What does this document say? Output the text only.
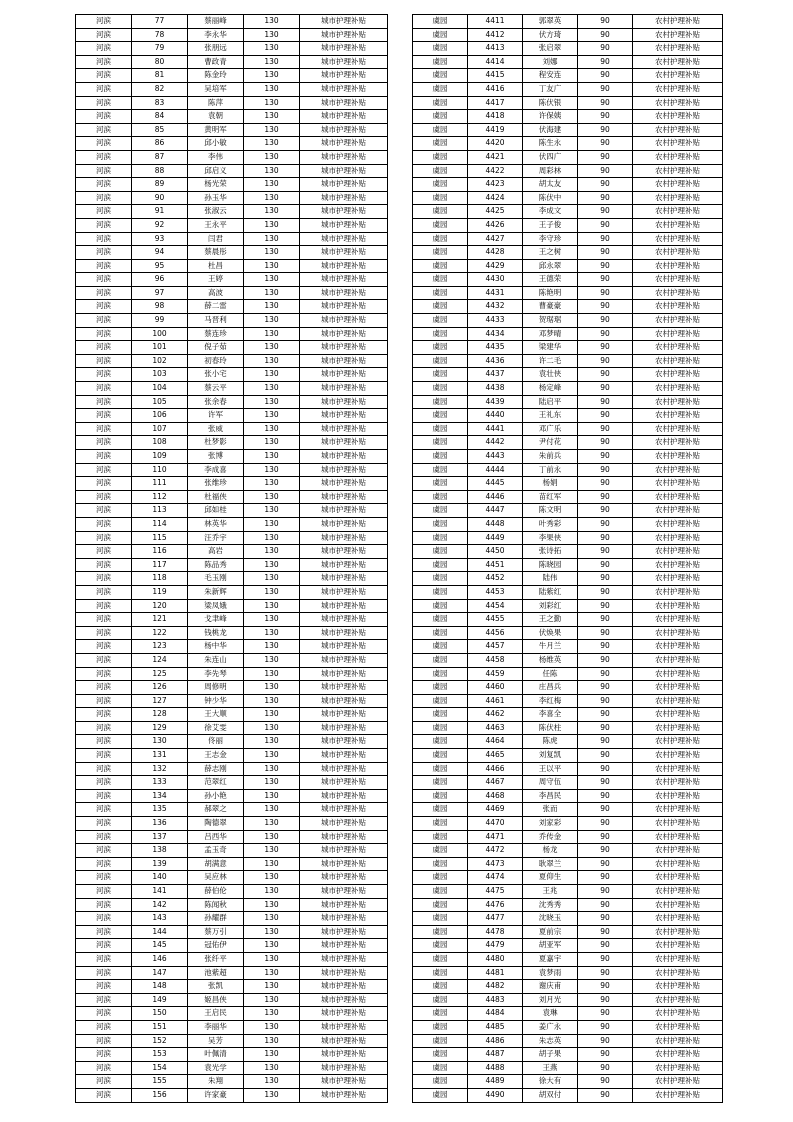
河滨	77	蔡丽峰	130	城市护理补贴
河滨	78	李永华	130	城市护理补贴
河滨	79	张朋远	130	城市护理补贴
河滨	80	曹政青	130	城市护理补贴
河滨	81	陈金玲	130	城市护理补贴
河滨	82	吴培军	130	城市护理补贴
河滨	83	陈萍	130	城市护理补贴
河滨	84	袁朝	130	城市护理补贴
河滨	85	黄明军	130	城市护理补贴
河滨	86	邱小敏	130	城市护理补贴
河滨	87	李伟	130	城市护理补贴
河滨	88	邱启义	130	城市护理补贴
河滨	89	杨光荣	130	城市护理补贴
河滨	90	孙玉华	130	城市护理补贴
河滨	91	张淑云	130	城市护理补贴
河滨	92	王永平	130	城市护理补贴
河滨	93	闫君	130	城市护理补贴
河滨	94	蔡晨彤	130	城市护理补贴
河滨	95	杜昌	130	城市护理补贴
河滨	96	王婷	130	城市护理补贴
河滨	97	高波	130	城市护理补贴
河滨	98	薛二雷	130	城市护理补贴
河滨	99	马晋利	130	城市护理补贴
河滨	100	蔡连珍	130	城市护理补贴
河滨	101	倪子茹	130	城市护理补贴
河滨	102	初春玲	130	城市护理补贴
河滨	103	张小宅	130	城市护理补贴
河滨	104	蔡云平	130	城市护理补贴
河滨	105	张余春	130	城市护理补贴
河滨	106	许军	130	城市护理补贴
河滨	107	张威	130	城市护理补贴
河滨	108	杜梦影	130	城市护理补贴
河滨	109	张博	130	城市护理补贴
河滨	110	李成喜	130	城市护理补贴
河滨	111	张维珍	130	城市护理补贴
河滨	112	杜福侠	130	城市护理补贴
河滨	113	邱如桂	130	城市护理补贴
河滨	114	林英华	130	城市护理补贴
河滨	115	汪乔宇	130	城市护理补贴
河滨	116	高岩	130	城市护理补贴
河滨	117	陈品秀	130	城市护理补贴
河滨	118	毛玉刚	130	城市护理补贴
河滨	119	朱新辉	130	城市护理补贴
河滨	120	梁凤娥	130	城市护理补贴
河滨	121	戈聿峰	130	城市护理补贴
河滨	122	钱桃龙	130	城市护理补贴
河滨	123	杨中华	130	城市护理补贴
河滨	124	朱连山	130	城市护理补贴
河滨	125	李先琴	130	城市护理补贴
河滨	126	周修明	130	城市护理补贴
河滨	127	钟少华	130	城市护理补贴
河滨	128	王大顺	130	城市护理补贴
河滨	129	徐艾雯	130	城市护理补贴
河滨	130	佟丽	130	城市护理补贴
河滨	131	王志金	130	城市护理补贴
河滨	132	薛志刚	130	城市护理补贴
河滨	133	范翠红	130	城市护理补贴
河滨	134	孙小艳	130	城市护理补贴
河滨	135	郝翠之	130	城市护理补贴
河滨	136	陶德翠	130	城市护理补贴
河滨	137	吕西华	130	城市护理补贴
河滨	138	孟玉奇	130	城市护理补贴
河滨	139	胡满意	130	城市护理补贴
河滨	140	吴应林	130	城市护理补贴
河滨	141	薛伯伦	130	城市护理补贴
河滨	142	陈闻秋	130	城市护理补贴
河滨	143	孙耀群	130	城市护理补贴
河滨	144	蔡万引	130	城市护理补贴
河滨	145	冠佑伊	130	城市护理补贴
河滨	146	张纤平	130	城市护理补贴
河滨	147	池紫超	130	城市护理补贴
河滨	148	张凯	130	城市护理补贴
河滨	149	姬昌侠	130	城市护理补贴
河滨	150	王启民	130	城市护理补贴
河滨	151	李丽华	130	城市护理补贴
河滨	152	吴芳	130	城市护理补贴
河滨	153	叶佩清	130	城市护理补贴
河滨	154	袁光学	130	城市护理补贴
河滨	155	朱翔	130	城市护理补贴
河滨	156	许家豪	130	城市护理补贴
虞园	4411	郭翠英	90	农村护理补贴
虞园	4412	伏方琦	90	农村护理补贴
虞园	4413	张启翠	90	农村护理补贴
虞园	4414	刘娜	90	农村护理补贴
虞园	4415	程安连	90	农村护理补贴
虞园	4416	丁友广	90	农村护理补贴
虞园	4417	陈伏银	90	农村护理补贴
虞园	4418	许保姨	90	农村护理补贴
虞园	4419	伏海建	90	农村护理补贴
虞园	4420	陈生永	90	农村护理补贴
虞园	4421	伏四广	90	农村护理补贴
虞园	4422	周彩林	90	农村护理补贴
虞园	4423	胡太友	90	农村护理补贴
虞园	4424	陈伏中	90	农村护理补贴
虞园	4425	李成文	90	农村护理补贴
虞园	4426	王子俊	90	农村护理补贴
虞园	4427	李守珍	90	农村护理补贴
虞园	4428	王之树	90	农村护理补贴
虞园	4429	邱永翠	90	农村护理补贴
虞园	4430	王德荣	90	农村护理补贴
虞园	4431	陈艳明	90	农村护理补贴
虞园	4432	曹豪豪	90	农村护理补贴
虞园	4433	贺琚琚	90	农村护理补贴
虞园	4434	邓梦晴	90	农村护理补贴
虞园	4435	梁建华	90	农村护理补贴
虞园	4436	许二毛	90	农村护理补贴
虞园	4437	袁壮侠	90	农村护理补贴
虞园	4438	杨定峰	90	农村护理补贴
虞园	4439	陆启平	90	农村护理补贴
虞园	4440	王礼东	90	农村护理补贴
虞园	4441	邓广乐	90	农村护理补贴
虞园	4442	尹付花	90	农村护理补贴
虞园	4443	朱前兵	90	农村护理补贴
虞园	4444	丁前永	90	农村护理补贴
虞园	4445	杨娟	90	农村护理补贴
虞园	4446	苗红军	90	农村护理补贴
虞园	4447	陈文明	90	农村护理补贴
虞园	4448	叶秀彩	90	农村护理补贴
虞园	4449	李果侠	90	农村护理补贴
虞园	4450	张诗拓	90	农村护理补贴
虞园	4451	陈晓园	90	农村护理补贴
虞园	4452	陆伟	90	农村护理补贴
虞园	4453	陆紫红	90	农村护理补贴
虞园	4454	刘彩红	90	农村护理补贴
虞园	4455	王之勤	90	农村护理补贴
虞园	4456	伏焕果	90	农村护理补贴
虞园	4457	牛月兰	90	农村护理补贴
虞园	4458	杨维英	90	农村护理补贴
虞园	4459	任陈	90	农村护理补贴
虞园	4460	庄昌兵	90	农村护理补贴
虞园	4461	李红梅	90	农村护理补贴
虞园	4462	李喜全	90	农村护理补贴
虞园	4463	陈伏柱	90	农村护理补贴
虞园	4464	陈虎	90	农村护理补贴
虞园	4465	刘复凯	90	农村护理补贴
虞园	4466	王以平	90	农村护理补贴
虞园	4467	周守伍	90	农村护理补贴
虞园	4468	李昌民	90	农村护理补贴
虞园	4469	张而	90	农村护理补贴
虞园	4470	刘家彩	90	农村护理补贴
虞园	4471	乔传金	90	农村护理补贴
虞园	4472	杨龙	90	农村护理补贴
虞园	4473	耿翠兰	90	农村护理补贴
虞园	4474	夏仰生	90	农村护理补贴
虞园	4475	王兆	90	农村护理补贴
虞园	4476	沈秀秀	90	农村护理补贴
虞园	4477	沈晓玉	90	农村护理补贴
虞园	4478	夏前宗	90	农村护理补贴
虞园	4479	胡亚军	90	农村护理补贴
虞园	4480	夏嘉宇	90	农村护理补贴
虞园	4481	袁梦雨	90	农村护理补贴
虞园	4482	谢庆甫	90	农村护理补贴
虞园	4483	刘月光	90	农村护理补贴
虞园	4484	袁琳	90	农村护理补贴
虞园	4485	姜广永	90	农村护理补贴
虞园	4486	朱志英	90	农村护理补贴
虞园	4487	胡子果	90	农村护理补贴
虞园	4488	王燕	90	农村护理补贴
虞园	4489	徐大有	90	农村护理补贴
虞园	4490	胡双付	90	农村护理补贴
